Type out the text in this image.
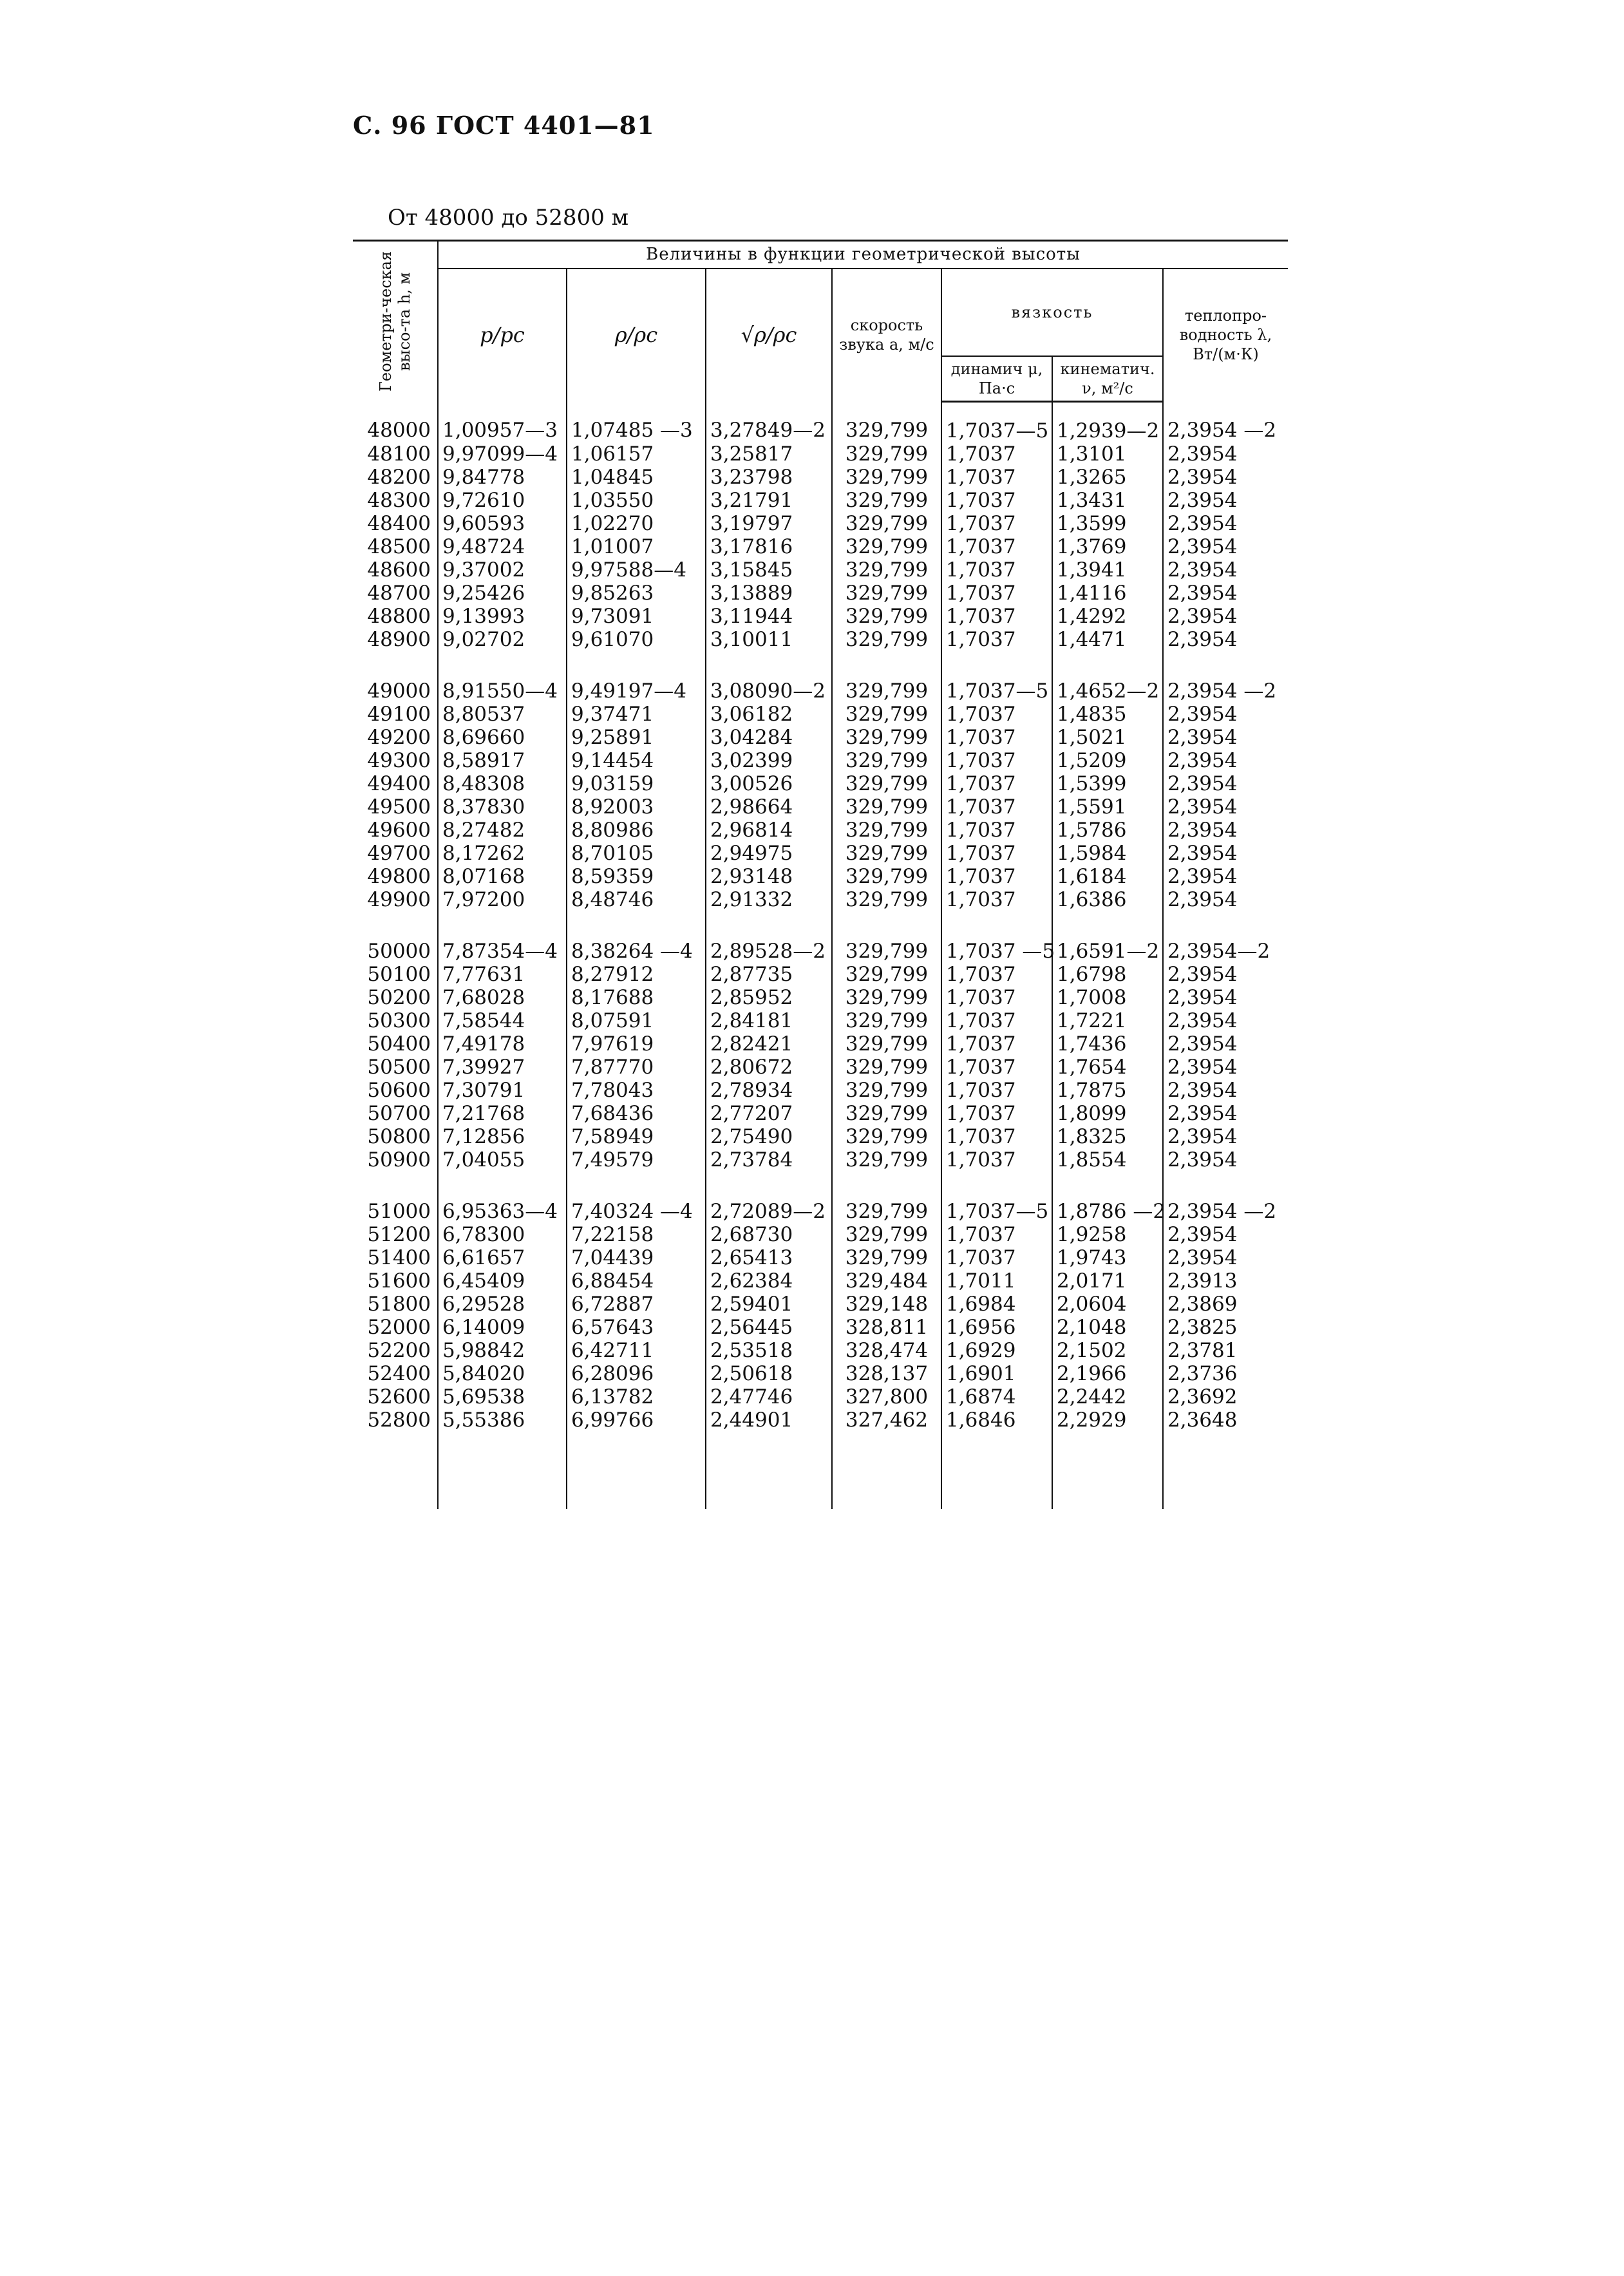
С. 96 ГОСТ 4401—81
От 48000 до 52800 м
Геометри-ческая высо-та h, м	Величины в функции геометрической высоты						
	p/pc	ρ/ρc	√ρ/ρc	скорость звука a, м/с	вязкость		теплопро-водность λ, Вт/(м·К)
					динамич μ, Па·с	кинематич. ν, м²/с	
48000	1,00957—3	1,07485 —3	3,27849—2	329,799	1,7037—5	1,2939—2	2,3954 —2
48100	9,97099—4	1,06157	3,25817	329,799	1,7037	1,3101	2,3954
48200	9,84778	1,04845	3,23798	329,799	1,7037	1,3265	2,3954
48300	9,72610	1,03550	3,21791	329,799	1,7037	1,3431	2,3954
48400	9,60593	1,02270	3,19797	329,799	1,7037	1,3599	2,3954
48500	9,48724	1,01007	3,17816	329,799	1,7037	1,3769	2,3954
48600	9,37002	9,97588—4	3,15845	329,799	1,7037	1,3941	2,3954
48700	9,25426	9,85263	3,13889	329,799	1,7037	1,4116	2,3954
48800	9,13993	9,73091	3,11944	329,799	1,7037	1,4292	2,3954
48900	9,02702	9,61070	3,10011	329,799	1,7037	1,4471	2,3954
49000	8,91550—4	9,49197—4	3,08090—2	329,799	1,7037—5	1,4652—2	2,3954 —2
49100	8,80537	9,37471	3,06182	329,799	1,7037	1,4835	2,3954
49200	8,69660	9,25891	3,04284	329,799	1,7037	1,5021	2,3954
49300	8,58917	9,14454	3,02399	329,799	1,7037	1,5209	2,3954
49400	8,48308	9,03159	3,00526	329,799	1,7037	1,5399	2,3954
49500	8,37830	8,92003	2,98664	329,799	1,7037	1,5591	2,3954
49600	8,27482	8,80986	2,96814	329,799	1,7037	1,5786	2,3954
49700	8,17262	8,70105	2,94975	329,799	1,7037	1,5984	2,3954
49800	8,07168	8,59359	2,93148	329,799	1,7037	1,6184	2,3954
49900	7,97200	8,48746	2,91332	329,799	1,7037	1,6386	2,3954
50000	7,87354—4	8,38264 —4	2,89528—2	329,799	1,7037 —5	1,6591—2	2,3954—2
50100	7,77631	8,27912	2,87735	329,799	1,7037	1,6798	2,3954
50200	7,68028	8,17688	2,85952	329,799	1,7037	1,7008	2,3954
50300	7,58544	8,07591	2,84181	329,799	1,7037	1,7221	2,3954
50400	7,49178	7,97619	2,82421	329,799	1,7037	1,7436	2,3954
50500	7,39927	7,87770	2,80672	329,799	1,7037	1,7654	2,3954
50600	7,30791	7,78043	2,78934	329,799	1,7037	1,7875	2,3954
50700	7,21768	7,68436	2,77207	329,799	1,7037	1,8099	2,3954
50800	7,12856	7,58949	2,75490	329,799	1,7037	1,8325	2,3954
50900	7,04055	7,49579	2,73784	329,799	1,7037	1,8554	2,3954
51000	6,95363—4	7,40324 —4	2,72089—2	329,799	1,7037—5	1,8786 —2	2,3954 —2
51200	6,78300	7,22158	2,68730	329,799	1,7037	1,9258	2,3954
51400	6,61657	7,04439	2,65413	329,799	1,7037	1,9743	2,3954
51600	6,45409	6,88454	2,62384	329,484	1,7011	2,0171	2,3913
51800	6,29528	6,72887	2,59401	329,148	1,6984	2,0604	2,3869
52000	6,14009	6,57643	2,56445	328,811	1,6956	2,1048	2,3825
52200	5,98842	6,42711	2,53518	328,474	1,6929	2,1502	2,3781
52400	5,84020	6,28096	2,50618	328,137	1,6901	2,1966	2,3736
52600	5,69538	6,13782	2,47746	327,800	1,6874	2,2442	2,3692
52800	5,55386	6,99766	2,44901	327,462	1,6846	2,2929	2,3648
